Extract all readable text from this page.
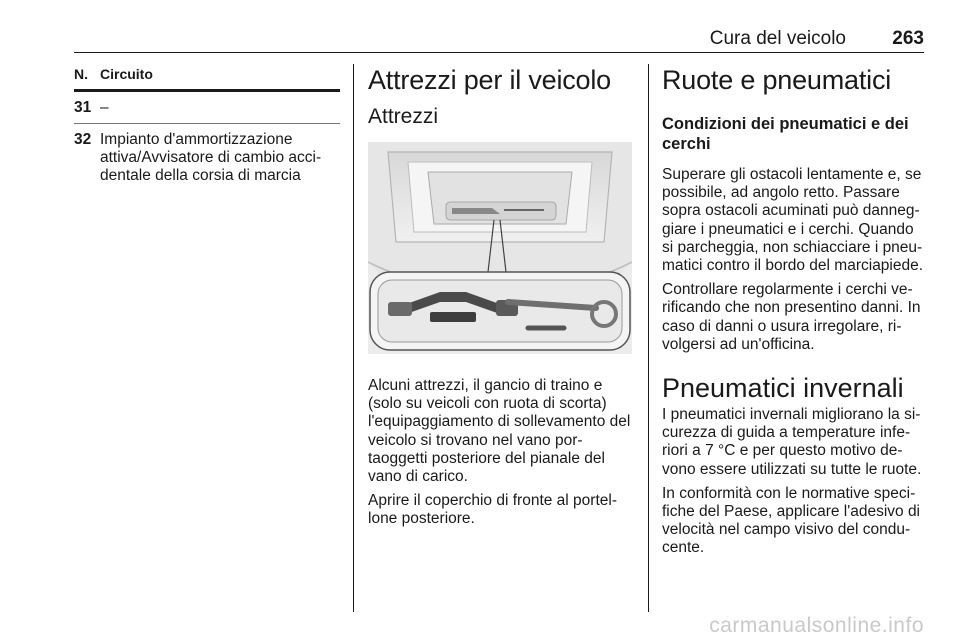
Cura del veicolo 263
N. Circuito
31 –
32 Impianto d'ammortizzazione attiva/Avvisatore di cambio accidentale della corsia di marcia
Attrezzi per il veicolo
Attrezzi

Alcuni attrezzi, il gancio di traino e (solo su veicoli con ruota di scorta) l'equipaggiamento di sollevamento del veicolo si trovano nel vano portaoggetti posteriore del pianale del vano di carico.

Aprire il coperchio di fronte al portellone posteriore.

Ruote e pneumatici
Condizioni dei pneumatici e dei cerchi

Superare gli ostacoli lentamente e, se possibile, ad angolo retto. Passare sopra ostacoli acuminati può danneggiare i pneumatici e i cerchi. Quando si parcheggia, non schiacciare i pneumatici contro il bordo del marciapiede.

Controllare regolarmente i cerchi verificando che non presentino danni. In caso di danni o usura irregolare, rivolgersi ad un'officina.

Pneumatici invernali

I pneumatici invernali migliorano la sicurezza di guida a temperature inferiori a 7 °C e per questo motivo devono essere utilizzati su tutte le ruote.

In conformità con le normative specifiche del Paese, applicare l'adesivo di velocità nel campo visivo del conducente.

carmanualsonline.info
